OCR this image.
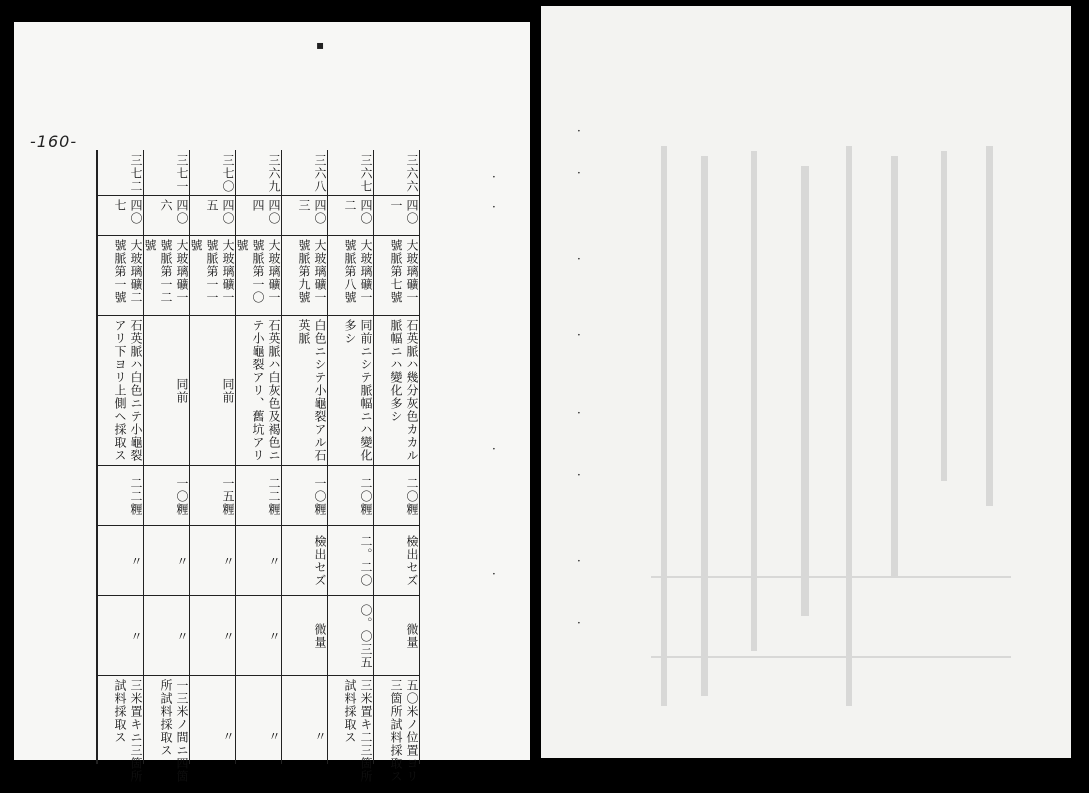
-160-
三六六
四〇一
大玻璃礦一號脈第七號
石英脈ハ幾分灰色カカル脈幅ニハ變化多シ
二〇糎
檢出セズ
微量
五〇米ノ位置ヨリ三箇所試料採取ス
三六七
四〇二
大玻璃礦一號脈第八號
同前ニシテ脈幅ニハ變化多シ
二〇糎
二。二〇
〇。〇三五
三米置キ二三箇所試料採取ス
三六八
四〇三
大玻璃礦一號脈第九號
白色ニシテ小龜裂アル石英脈
一〇糎
檢出セズ
微量
〃
三六九
四〇四
大玻璃礦一號脈第一〇號
石英脈ハ白灰色及褐色ニテ小龜裂アリ、舊坑アリ
二二糎
〃
〃
〃
三七〇
四〇五
大玻璃礦一號脈第一一號
同前
一五糎
〃
〃
〃
三七一
四〇六
大玻璃礦一號脈第一二號
同前
一〇糎
〃
〃
一三米ノ間ニ四箇所試料採取ス
三七二
四〇七
大玻璃礦二號脈第一號
石英脈ハ白色ニテ小龜裂アリ下ヨリ上側ヘ採取ス
二二糎
〃
〃
三米置キニ三箇所試料採取ス
▪
·
·
·
·
·
·
·
·
·
·
·
·
